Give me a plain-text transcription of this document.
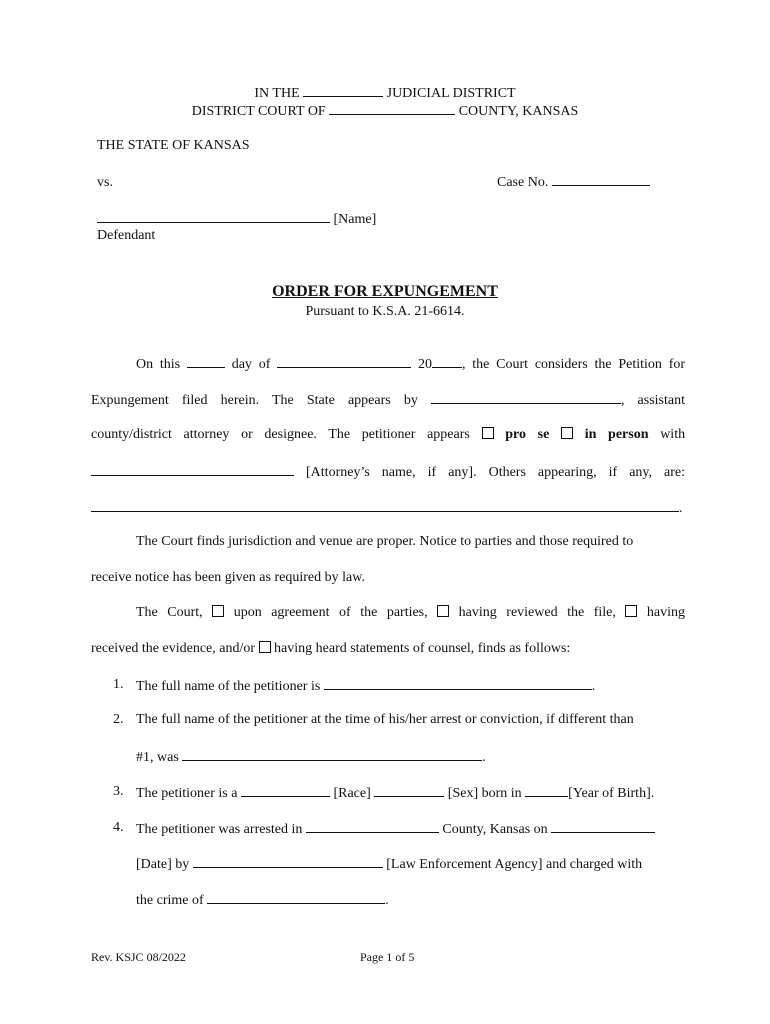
IN THE	JUDICIAL DISTRICT
DISTRICT COURT OF	COUNTY, KANSAS
THE STATE OF KANSAS
vs.	Case No.
[Name]
Defendant
ORDER FOR EXPUNGEMENT
Pursuant to K.S.A. 21-6614.
On this	day of	20 , the Court considers the Petition for
Expungement filed herein. The State appears by	, assistant
county/district attorney or designee. The petitioner appears	pro se	in person with
[Attorney’s name, if any]. Others appearing, if any, are:
.
The Court finds jurisdiction and venue are proper. Notice to parties and those required to
receive notice has been given as required by law.
The Court, upon agreement of the parties, having reviewed the file, having
received the evidence, and/or having heard statements of counsel, finds as follows:
1. The full name of the petitioner is	.
2. The full name of the petitioner at the time of his/her arrest or conviction, if different than
#1, was	.
3. The petitioner is a	[Race]	[Sex] born in	[Year of Birth].
4. The petitioner was arrested in	County, Kansas on
[Date] by	[Law Enforcement Agency] and charged with
the crime of	.
Rev. KSJC 08/2022	Page 1 of 5
